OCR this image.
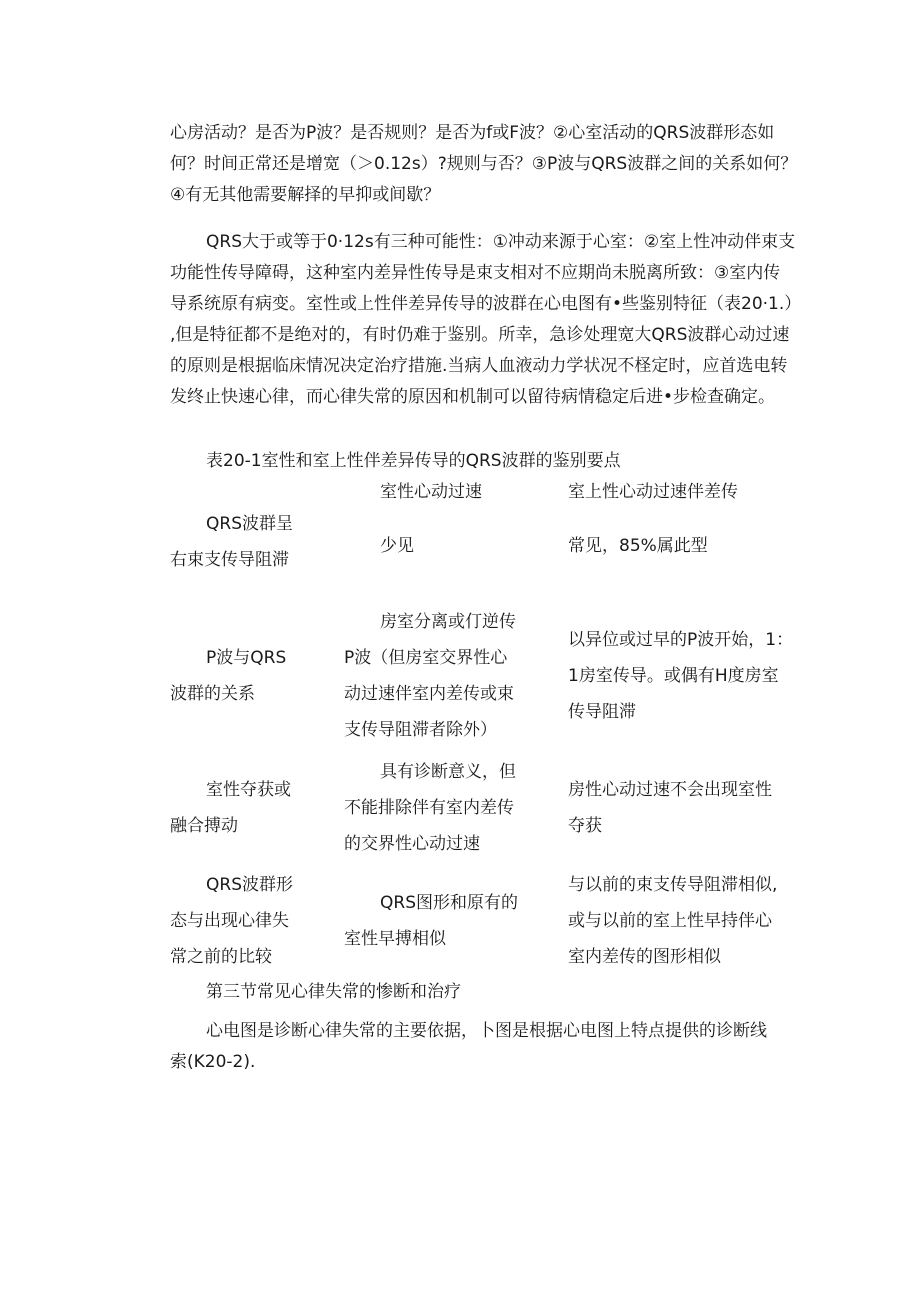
心房活动？是否为P波？是否规则？是否为f或F波？②心室活动的QRS波群形态如
何？时间正常还是增宽（＞0.12s）?规则与否？③P波与QRS波群之间的关系如何？
④有无其他需要解择的早抑或间歇？
QRS大于或等于0·12s有三种可能性：①冲动来源于心室：②室上性冲动伴束支
功能性传导障碍，这种室内差异性传导是束支相对不应期尚未脱离所致：③室内传
导系统原有病变。室性或上性伴差异传导的波群在心电图有•些鉴别特征（表20·1.）
,但是特征都不是绝对的，有时仍难于鉴别。所幸，急诊处理宽大QRS波群心动过速
的原则是根据临床情况决定治疗措施.当病人血液动力学状况不柽定时，应首选电转
发终止快速心律，而心律失常的原因和机制可以留待病情稳定后进•步检查确定。
表20-1室性和室上性伴差异传导的QRS波群的鉴别要点
室性心动过速	室上性心动过速伴差传
QRS波群呈
右束支传导阻滞
少见	常见，85%属此型
P波与QRS
波群的关系
房室分离或仃逆传
P波（但房室交界性心
动过速伴室内差传或束
支传导阻滞者除外）
以异位或过早的P波开始，1：
1房室传导。或偶有H度房室
传导阻滞
室性夺获或
融合搏动
具有诊断意义，但
不能排除伴有室内差传
的交界性心动过速
房性心动过速不会出现室性
夺获
QRS波群形
态与出现心律失
常之前的比较
QRS图形和原有的
室性早搏相似
与以前的束支传导阻滞相似,
或与以前的室上性早持伴心
室内差传的图形相似
第三节常见心律失常的惨断和治疗
心电图是诊断心律失常的主要依据，卜图是根据心电图上特点提供的诊断线
索(K20-2).
